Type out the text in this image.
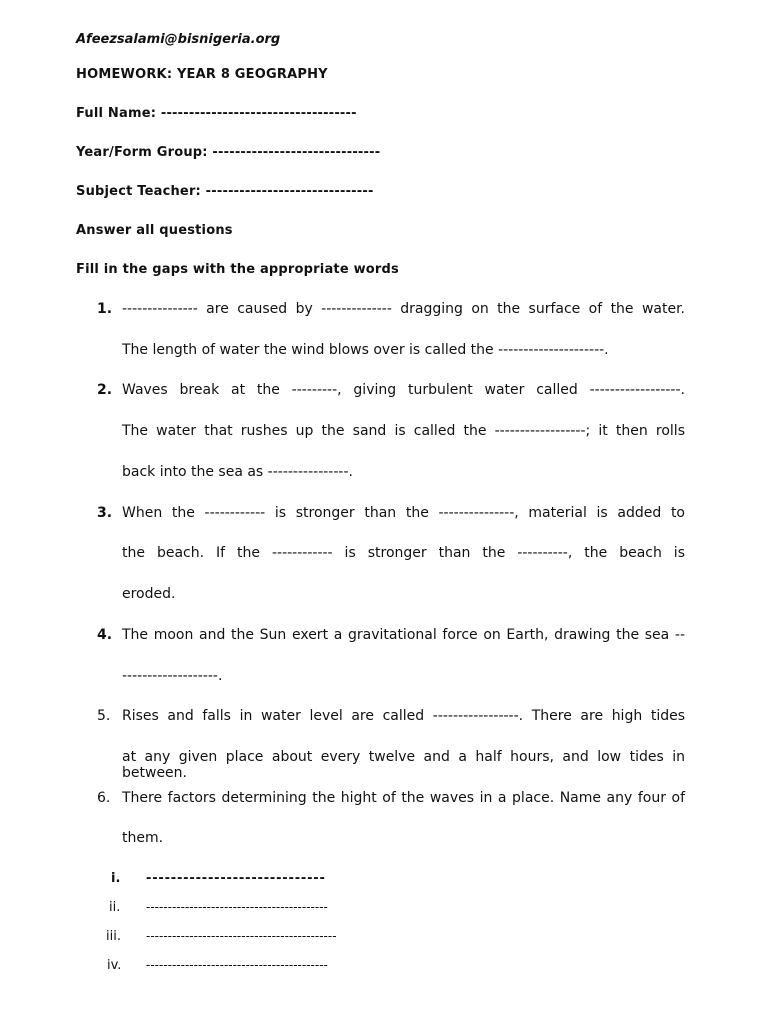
Afeezsalami@bisnigeria.org
HOMEWORK: YEAR 8 GEOGRAPHY
Full Name: -----------------------------------
Year/Form Group: ------------------------------
Subject Teacher: ------------------------------
Answer all questions
Fill in the gaps with the appropriate words
1. --------------- are caused by -------------- dragging on the surface of the water.
The length of water the wind blows over is called the ---------------------.
2. Waves break at the ---------, giving turbulent water called ------------------.
The water that rushes up the sand is called the ------------------; it then rolls
back into the sea as ----------------.
3. When the ------------ is stronger than the ---------------, material is added to
the beach. If the ------------ is stronger than the ----------, the beach is
eroded.
4. The moon and the Sun exert a gravitational force on Earth, drawing the sea --
-------------------.
5. Rises and falls in water level are called -----------------. There are high tides
at any given place about every twelve and a half hours, and low tides in between.
6. There factors determining the hight of the waves in a place. Name any four of
them.
i. -----------------------------
ii. ------------------------------------------
iii. --------------------------------------------
iv. ------------------------------------------
